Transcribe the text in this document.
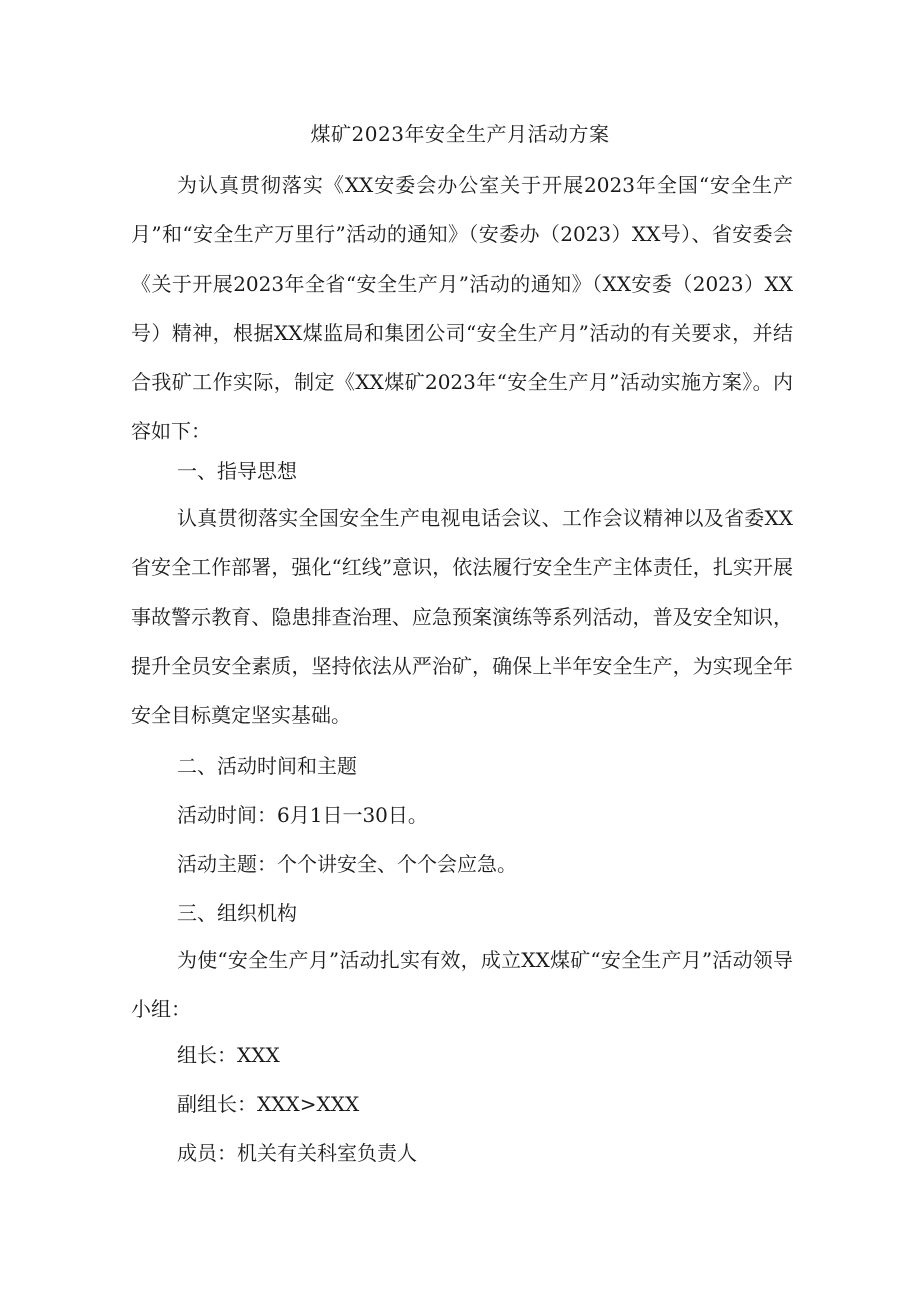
煤矿2023年安全生产月活动方案

为认真贯彻落实《XX安委会办公室关于开展2023年全国“安全生产月”和“安全生产万里行”活动的通知》（安委办（2023）XX号）、省安委会《关于开展2023年全省“安全生产月”活动的通知》（XX安委（2023）XX号）精神，根据XX煤监局和集团公司“安全生产月”活动的有关要求，并结合我矿工作实际，制定《XX煤矿2023年“安全生产月”活动实施方案》。内容如下：

一、指导思想

认真贯彻落实全国安全生产电视电话会议、工作会议精神以及省委XX省安全工作部署，强化“红线”意识，依法履行安全生产主体责任，扎实开展事故警示教育、隐患排查治理、应急预案演练等系列活动，普及安全知识，提升全员安全素质，坚持依法从严治矿，确保上半年安全生产，为实现全年安全目标奠定坚实基础。

二、活动时间和主题

活动时间：6月1日一30日。

活动主题：个个讲安全、个个会应急。

三、组织机构

为使“安全生产月”活动扎实有效，成立XX煤矿“安全生产月”活动领导小组：

组长：XXX

副组长：XXX>XXX

成员：机关有关科室负责人
